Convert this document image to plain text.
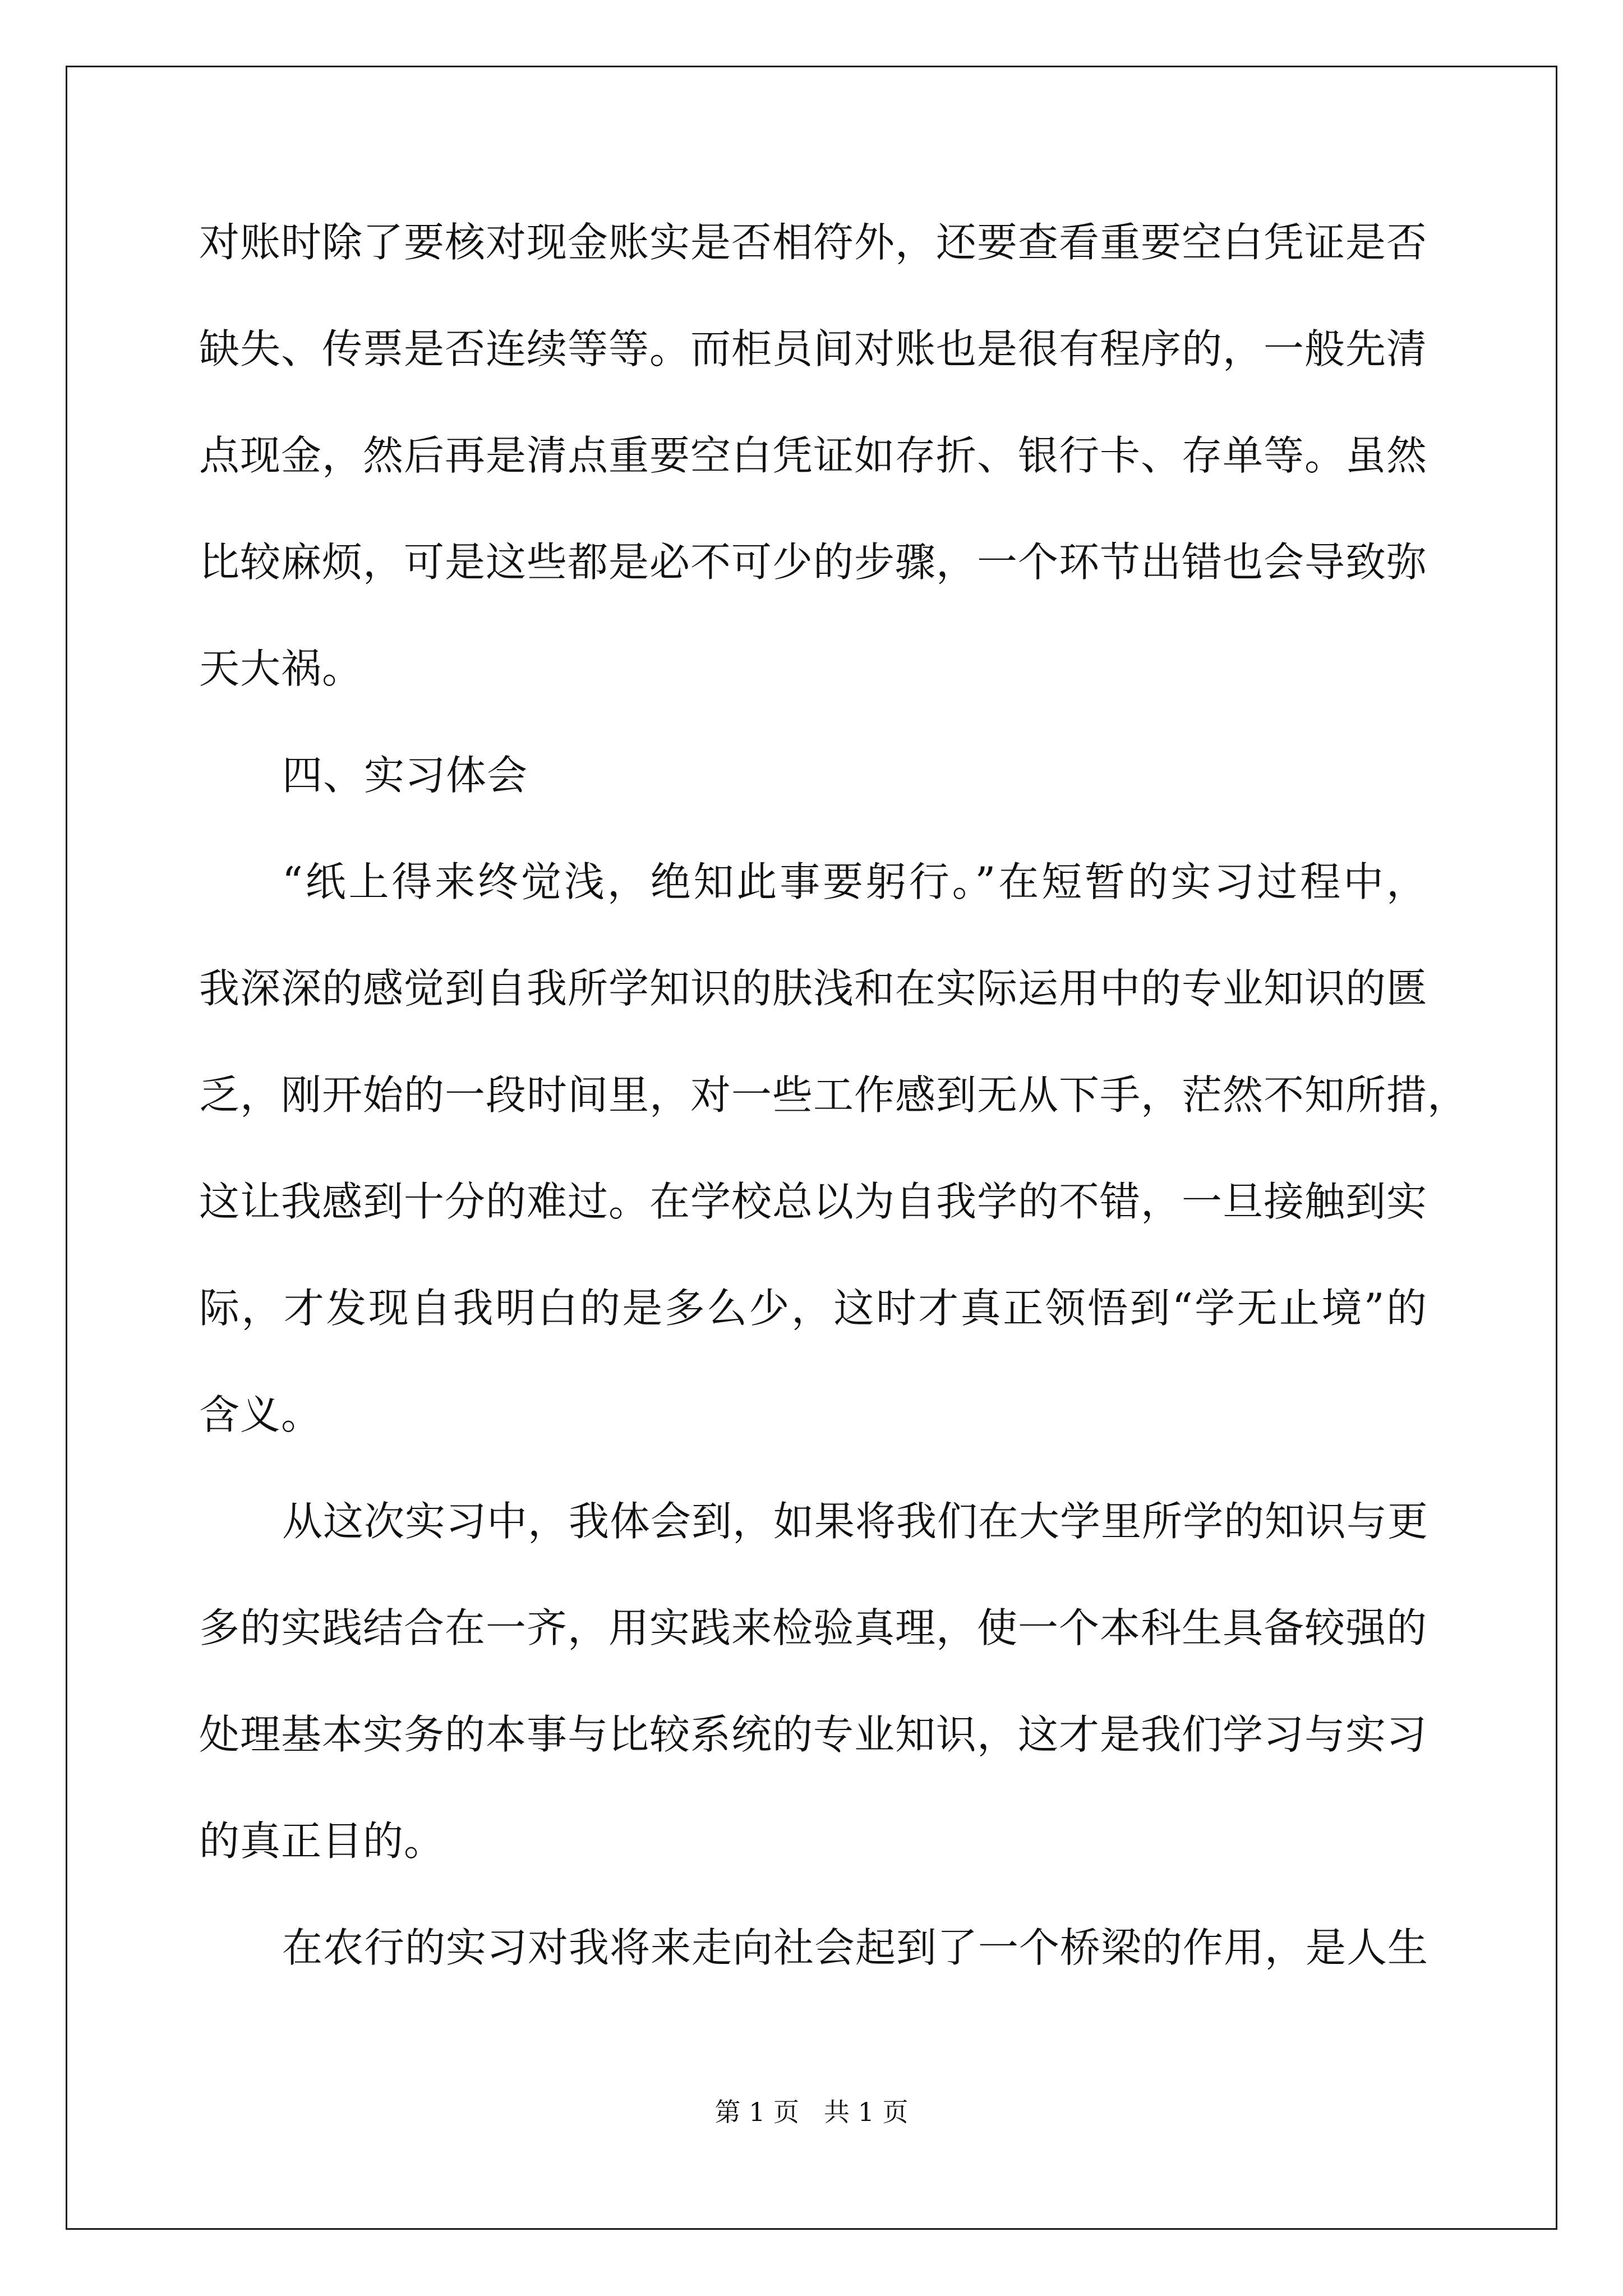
对账时除了要核对现金账实是否相符外，还要查看重要空白凭证是否
缺失、传票是否连续等等。而柜员间对账也是很有程序的，一般先清
点现金，然后再是清点重要空白凭证如存折、银行卡、存单等。虽然
比较麻烦，可是这些都是必不可少的步骤，一个环节出错也会导致弥
天大祸。
四、实习体会
“纸上得来终觉浅，绝知此事要躬行。”在短暂的实习过程中，
我深深的感觉到自我所学知识的肤浅和在实际运用中的专业知识的匮
乏，刚开始的一段时间里，对一些工作感到无从下手，茫然不知所措，
这让我感到十分的难过。在学校总以为自我学的不错，一旦接触到实
际，才发现自我明白的是多么少，这时才真正领悟到“学无止境”的
含义。
从这次实习中，我体会到，如果将我们在大学里所学的知识与更
多的实践结合在一齐，用实践来检验真理，使一个本科生具备较强的
处理基本实务的本事与比较系统的专业知识，这才是我们学习与实习
的真正目的。
在农行的实习对我将来走向社会起到了一个桥梁的作用，是人生
第 1 页 共 1 页
